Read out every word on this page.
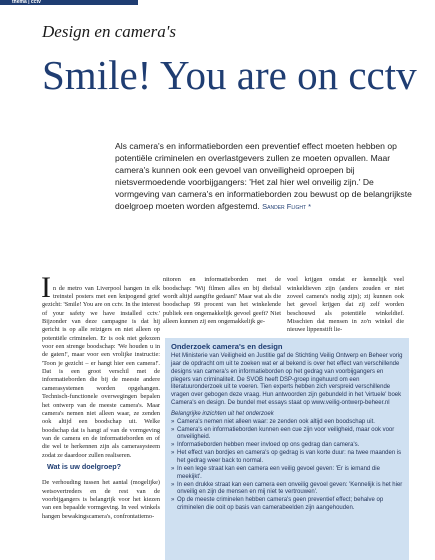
thema | cctv
Design en camera's
Smile! You are on cctv
Als camera's en informatieborden een preventief effect moeten hebben op potentiële criminelen en overlastgevers zullen ze moeten opvallen. Maar camera's kunnen ook een gevoel van onveiligheid oproepen bij nietsvermoedende voorbijgangers: 'Het zal hier wel onveilig zijn.' De vormgeving van camera's en informatieborden zou bewust op de belangrijkste doelgroep moeten worden afgestemd. Sander Flight *

I n de metro van Liverpool hangen in elk treinstel posters met een knipogend grief gezicht: 'Smile! You are on cctv. In the interest of your safety we have installed cctv.' Bijzonder van deze campagne is dat hij gericht is op alle reizigers en niet alleen op potentiële criminelen. Er is ook niet gekozen voor een strenge boodschap: 'We houden u in de gaten!', maar voor een vrolijke instructie: 'Toon je gezicht – er hangt hier een camera!'. Dat is een groot verschil met de informatieborden die bij de meeste andere camerasystemen worden opgehangen. Technisch-functionele overwegingen bepalen het ontwerp van de meeste camera's. Maar camera's nemen niet alleen waar, ze zenden ook altijd een boodschap uit. Welke boodschap dat is hangt af van de vormgeving van de camera en de informatieborden en of die wel te herkennen zijn als camerasysteem zodat ze daardoor zullen realiseren.

Wat is uw doelgroep?

De verhouding tussen het aantal (mogelijke) wetsovertreders en de rest van de voorbijgangers is belangrijk voor het kiezen van een bepaalde vormgeving. In veel winkels hangen bewakingscamera's, confrontatiemo-

nitoren en informatieborden met de boodschap: 'Wij filmen alles en bij diefstal wordt altijd aangifte gedaan!' Maar wat als die boodschap 99 procent van het winkelende publiek een ongemakkelijk gevoel geeft? Niet alleen kunnen zij een ongemakkelijk ge-

voel krijgen omdat er kennelijk veel winkeldieven zijn (anders zouden er niet zoveel camera's nodig zijn); zij kunnen ook het gevoel krijgen dat zij zelf worden beschouwd als potentiële winkeldief. Misschien dat mensen in zo'n winkel die nieuwe lippenstift lie-

Onderzoek camera's en design
Het Ministerie van Veiligheid en Justitie gaf de Stichting Veilig Ontwerp en Beheer vorig jaar de opdracht om uit te zoeken wat er al bekend is over het effect van verschillende designs van camera's en informatieborden op het gedrag van voorbijgangers en plegers van criminaliteit. De SVOB heeft DSP-groep ingehuurd om een literatuuronderzoek uit te voeren. Tien experts hebben zich verspreid verschillende vragen over gebogen deze vraag. Hun antwoorden zijn gebundeld in het 'virtuele' boek Camera's en design. De bundel met essays staat op www.veilig-ontwerp-beheer.nl
Belangrijke inzichten uit het onderzoek
» Camera's nemen niet alleen waar: ze zenden ook altijd een boodschap uit.
» Camera's en informatieborden kunnen een cue zijn voor veiligheid, maar ook voor onveiligheid.
» Informatieborden hebben meer invloed op ons gedrag dan camera's.
» Het effect van bordjes en camera's op gedrag is van korte duur: na twee maanden is het gedrag weer back to normal.
» In een lege straat kan een camera een veilig gevoel geven: 'Er is iemand die meekijkt'.
» In een drukke straat kan een camera een onveilig gevoel geven: 'Kennelijk is het hier onveilig en zijn de mensen en mij niet te vertrouwen'.
» Op de meeste criminelen hebben camera's geen preventief effect; behalve op criminelen die ooit op basis van camerabeelden zijn aangehouden.
